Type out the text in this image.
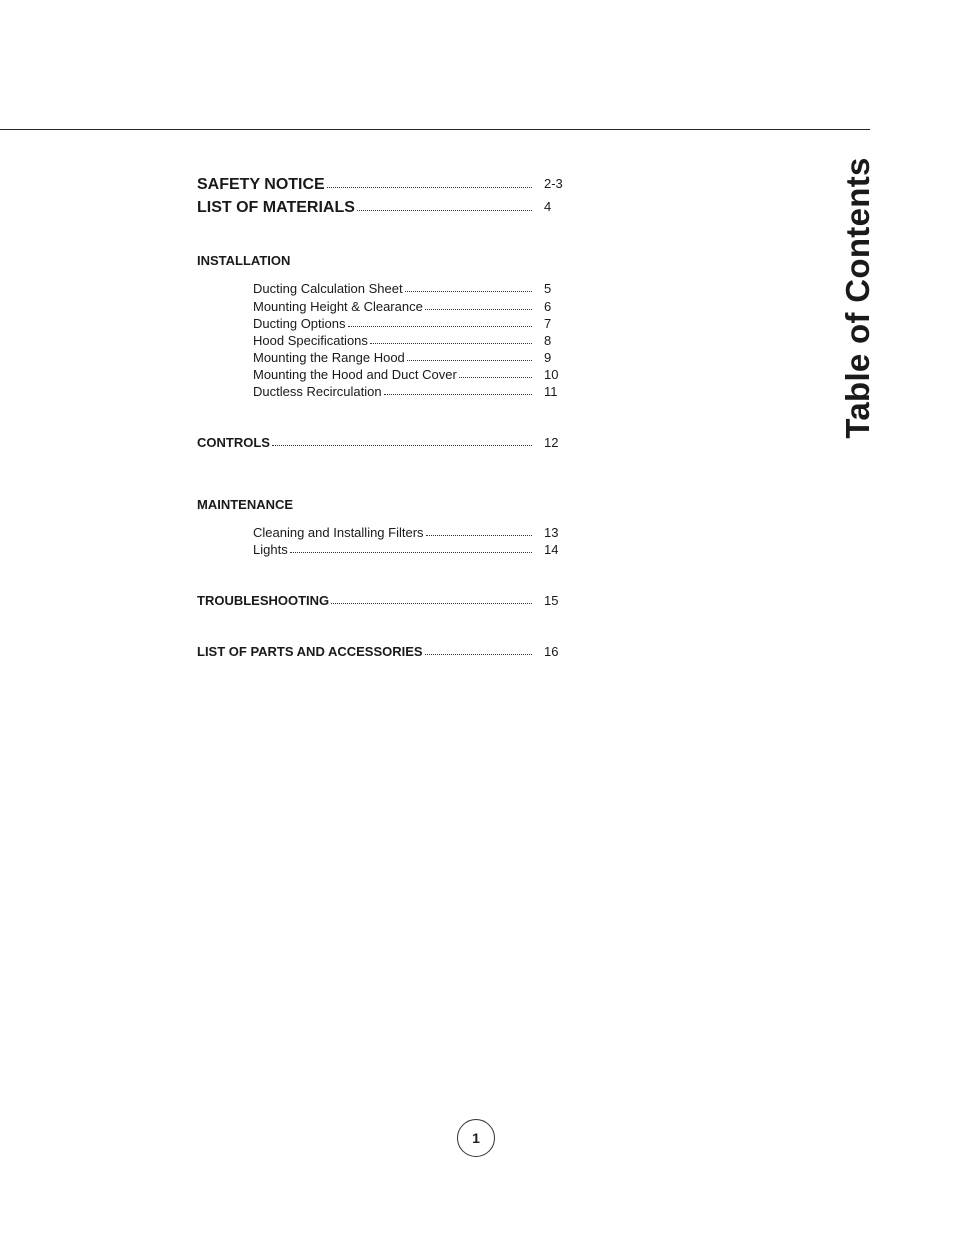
Table of Contents
SAFETY NOTICE	2-3
LIST OF MATERIALS	4
INSTALLATION
Ducting Calculation Sheet	5
Mounting Height & Clearance	6
Ducting Options	7
Hood Specifications	8
Mounting the Range Hood	9
Mounting the Hood and Duct Cover	10
Ductless Recirculation	11
CONTROLS	12
MAINTENANCE
Cleaning and Installing Filters	13
Lights	14
TROUBLESHOOTING	15
LIST OF PARTS AND ACCESSORIES	16
1
